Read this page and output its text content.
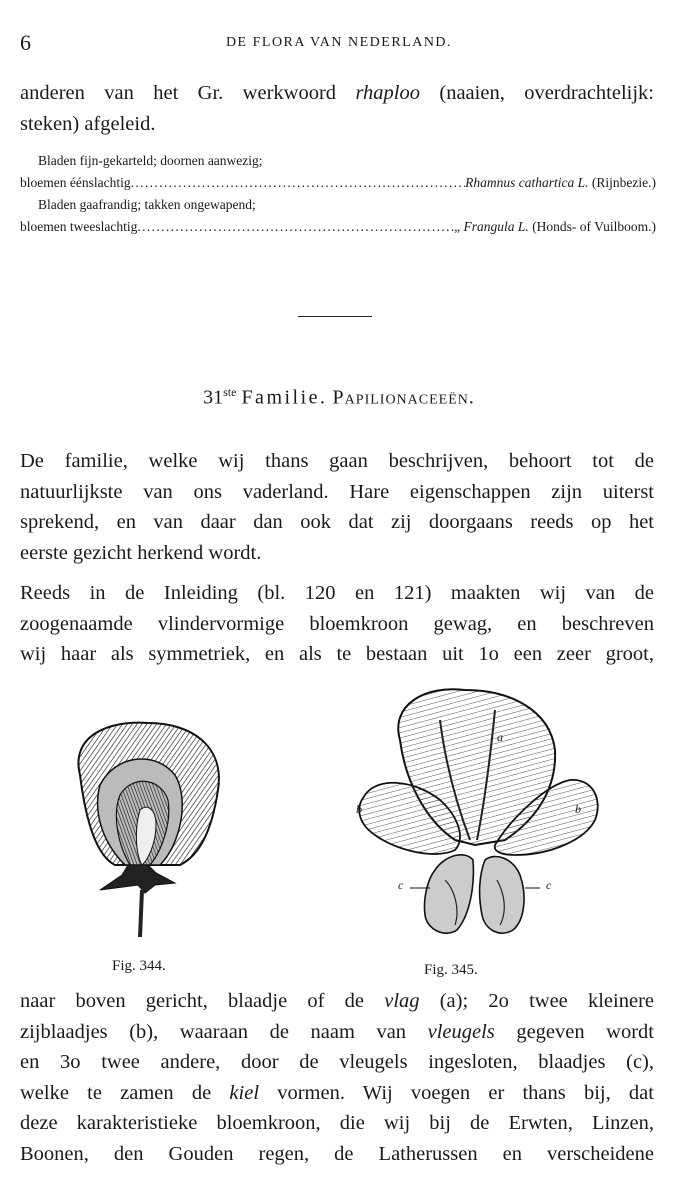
6	DE FLORA VAN NEDERLAND.
anderen van het Gr. werkwoord rhaploo (naaien, overdrachtelijk:
steken) afgeleid.
Bladen fijn-gekarteld; doornen aanwezig;
bloemen éénslachtig . . .	Rhamnus cathartica L.
(Rijnbezie.)
Bladen gaafrandig; takken ongewapend;
bloemen tweeslachtig . . .	„
Frangula L.
(Honds- of Vuilboom.)
31ste Familie. Papilionaceeën.
De familie, welke wij thans gaan beschrijven, behoort tot de
natuurlijkste van ons vaderland. Hare eigenschappen zijn uiterst
sprekend, en van daar dan ook dat zij doorgaans reeds op het
eerste gezicht herkend wordt.
Reeds in de Inleiding (bl. 120 en 121) maakten wij van de
zoogenaamde vlindervormige bloemkroon gewag, en beschreven
wij haar als symmetriek, en als te bestaan uit 1o een zeer groot,
a
b	b
c	c
Fig. 344.	Fig. 345.
naar boven gericht, blaadje of de vlag (a); 2o twee kleinere
zijblaadjes (b), waaraan de naam van vleugels gegeven wordt
en 3o twee andere, door de vleugels ingesloten, blaadjes (c),
welke te zamen de kiel vormen. Wij voegen er thans bij, dat
deze karakteristieke bloemkroon, die wij bij de Erwten, Linzen,
Boonen, den Gouden regen, de Latherussen en verscheidene
